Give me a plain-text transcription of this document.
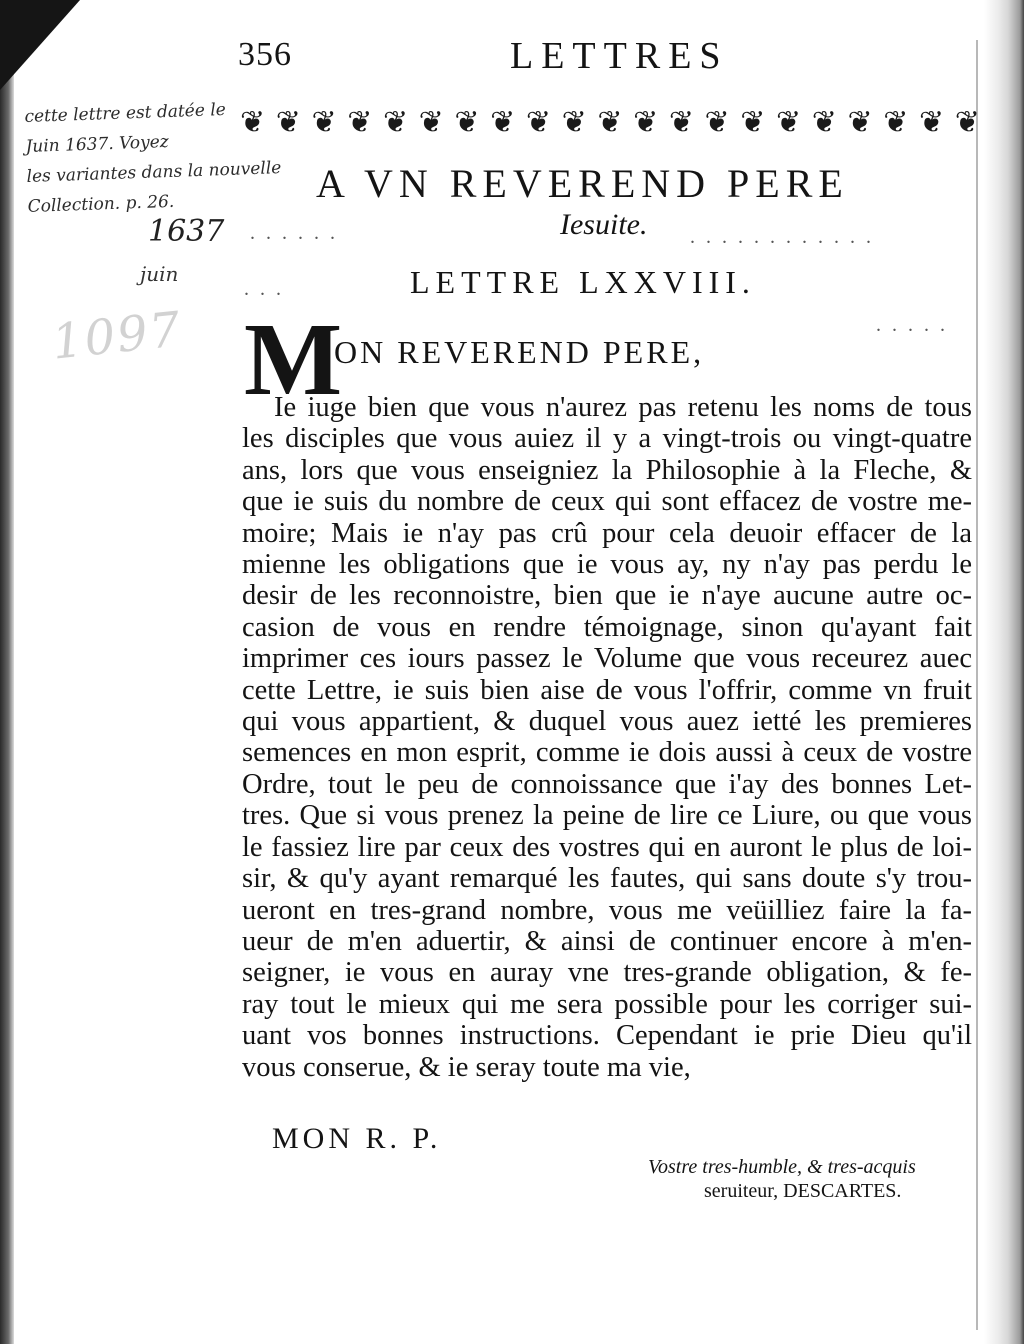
356	LETTRES
❦ ❦ ❦ ❦ ❦ ❦ ❦ ❦ ❦ ❦ ❦ ❦ ❦ ❦ ❦ ❦ ❦ ❦ ❦ ❦ ❦
A VN REVEREND PERE
Iesuite.
. . . . . .	. . . . . . . . . . . .
. . .	LETTRE LXXVIII.
. . . . .
M
ON REVEREND PERE,
Ie iuge bien que vous n'aurez pas retenu les noms de tous
les disciples que vous auiez il y a vingt-trois ou vingt-quatre
ans, lors que vous enseigniez la Philosophie à la Fleche, &
que ie suis du nombre de ceux qui sont effacez de vostre me-
moire; Mais ie n'ay pas crû pour cela deuoir effacer de la
mienne les obligations que ie vous ay, ny n'ay pas perdu le
desir de les reconnoistre, bien que ie n'aye aucune autre oc-
casion de vous en rendre témoignage, sinon qu'ayant fait
imprimer ces iours passez le Volume que vous receurez auec
cette Lettre, ie suis bien aise de vous l'offrir, comme vn fruit
qui vous appartient, & duquel vous auez ietté les premieres
semences en mon esprit, comme ie dois aussi à ceux de vostre
Ordre, tout le peu de connoissance que i'ay des bonnes Let-
tres. Que si vous prenez la peine de lire ce Liure, ou que vous
le fassiez lire par ceux des vostres qui en auront le plus de loi-
sir, & qu'y ayant remarqué les fautes, qui sans doute s'y trou-
ueront en tres-grand nombre, vous me veüilliez faire la fa-
ueur de m'en aduertir, & ainsi de continuer encore à m'en-
seigner, ie vous en auray vne tres-grande obligation, & fe-
ray tout le mieux qui me sera possible pour les corriger sui-
uant vos bonnes instructions. Cependant ie prie Dieu qu'il
vous conserue, & ie seray toute ma vie,
MON R. P.
Vostre tres-humble, & tres-acquis
seruiteur, DESCARTES.
cette lettre est datée le
Juin 1637. Voyez
les variantes dans la nouvelle
Collection. p. 26.
1637
juin
1097
